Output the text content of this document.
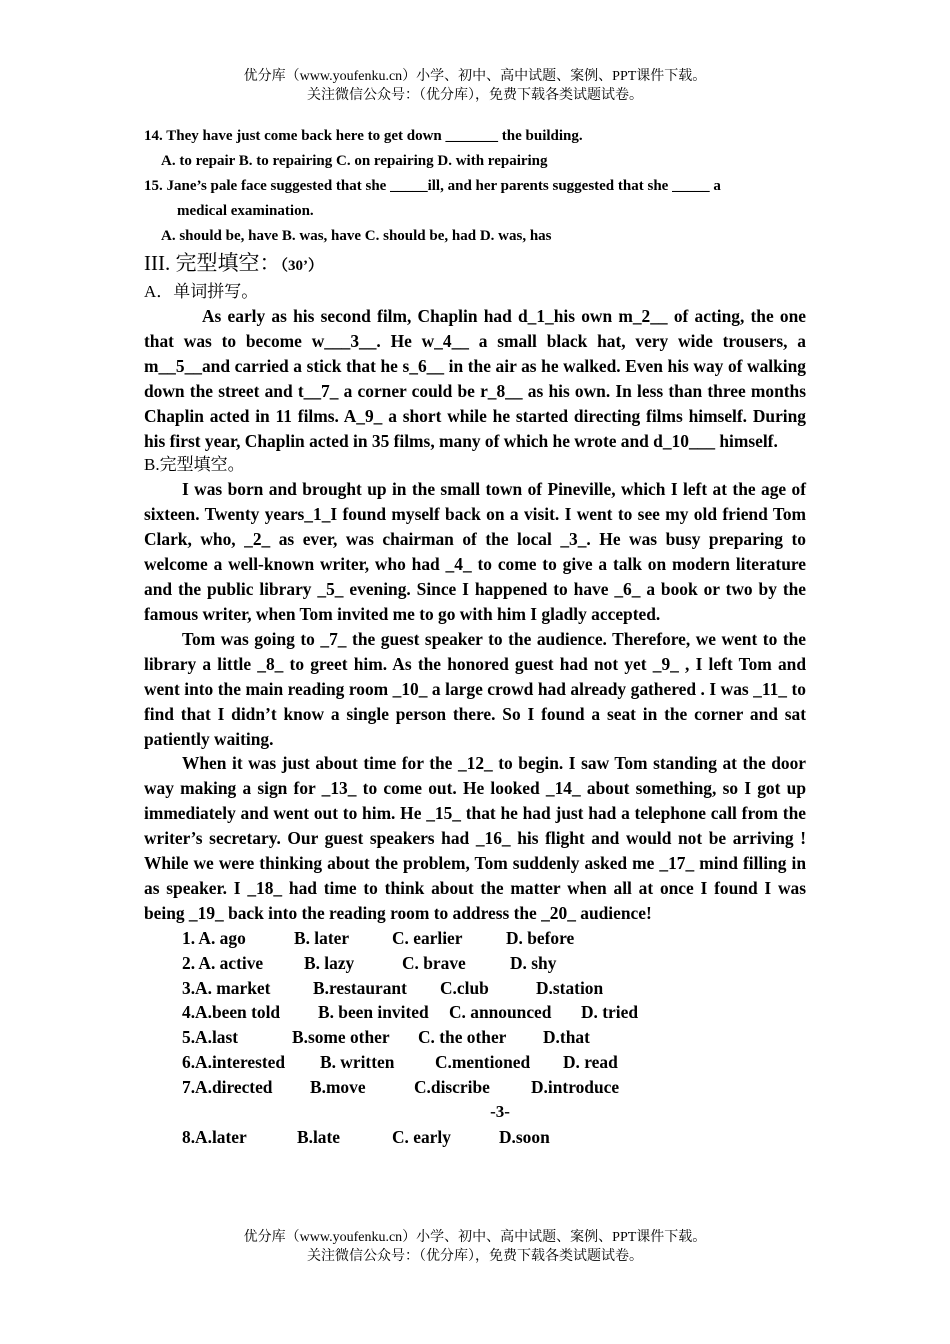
优分库（www.youfenku.cn）小学、初中、高中试题、案例、PPT课件下载。
关注微信公众号：（优分库），免费下载各类试题试卷。
14. They have just come back here to get down _______ the building.
A. to repair B. to repairing C. on repairing D. with repairing
15. Jane’s pale face suggested that she _____ill, and her parents suggested that she _____ a
medical examination.
A. should be, have B. was, have C. should be, had D. was, has
III. 完型填空：（30’）
A．单词拼写。

As early as his second film, Chaplin had d_1_his own m_2__ of acting, the one that was to become w___3__. He w_4__ a small black hat, very wide trousers, a m__5__and carried a stick that he s_6__ in the air as he walked. Even his way of walking down the street and t__7_ a corner could be r_8__ as his own. In less than three months Chaplin acted in 11 films. A_9_ a short while he started directing films himself. During his first year, Chaplin acted in 35 films, many of which he wrote and d_10___ himself.

B.完型填空。

I was born and brought up in the small town of Pineville, which I left at the age of sixteen. Twenty years_1_I found myself back on a visit. I went to see my old friend Tom Clark, who, _2_ as ever, was chairman of the local _3_. He was busy preparing to welcome a well-known writer, who had _4_ to come to give a talk on modern literature and the public library _5_ evening. Since I happened to have _6_ a book or two by the famous writer, when Tom invited me to go with him I gladly accepted.

Tom was going to _7_ the guest speaker to the audience. Therefore, we went to the library a little _8_ to greet him. As the honored guest had not yet _9_ , I left Tom and went into the main reading room _10_ a large crowd had already gathered . I was _11_ to find that I didn’t know a single person there. So I found a seat in the corner and sat patiently waiting.

When it was just about time for the _12_ to begin. I saw Tom standing at the door way making a sign for _13_ to come out. He looked _14_ about something, so I got up immediately and went out to him. He _15_ that he had just had a telephone call from the writer’s secretary. Our guest speakers had _16_ his flight and would not be arriving ! While we were thinking about the problem, Tom suddenly asked me _17_ mind filling in as speaker. I _18_ had time to think about the matter when all at once I found I was being _19_ back into the reading room to address the _20_ audience!

1. A. ago	B. later C. earlier	D. before
2. A. active B. lazy	C. brave	D. shy
3.A. market B.restaurant C.club	D.station
4.A.been told B. been invited C. announced D. tried
5.A.last	B.some other C. the other D.that
6.A.interested B. written C.mentioned D. read
7.A.directed B.move	C.discribe D.introduce
-3-
8.A.later	B.late	C. early	D.soon
优分库（www.youfenku.cn）小学、初中、高中试题、案例、PPT课件下载。
关注微信公众号：（优分库），免费下载各类试题试卷。
